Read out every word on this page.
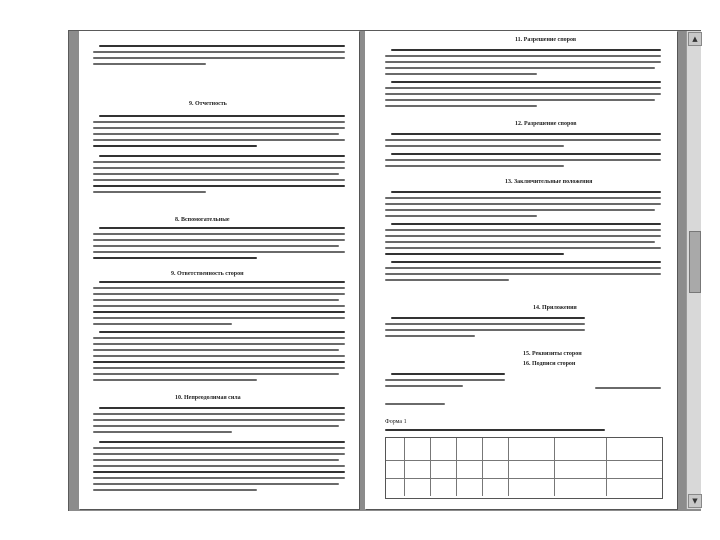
9. Отчетность
8. Вспомогательные
9. Ответственность сторон
10. Непреодолимая сила
11. Разрешение споров
12. Разрешение споров
13. Заключительные положения
14. Приложения
15. Реквизиты сторон
16. Подписи сторон
Форма 1
▲
▼
